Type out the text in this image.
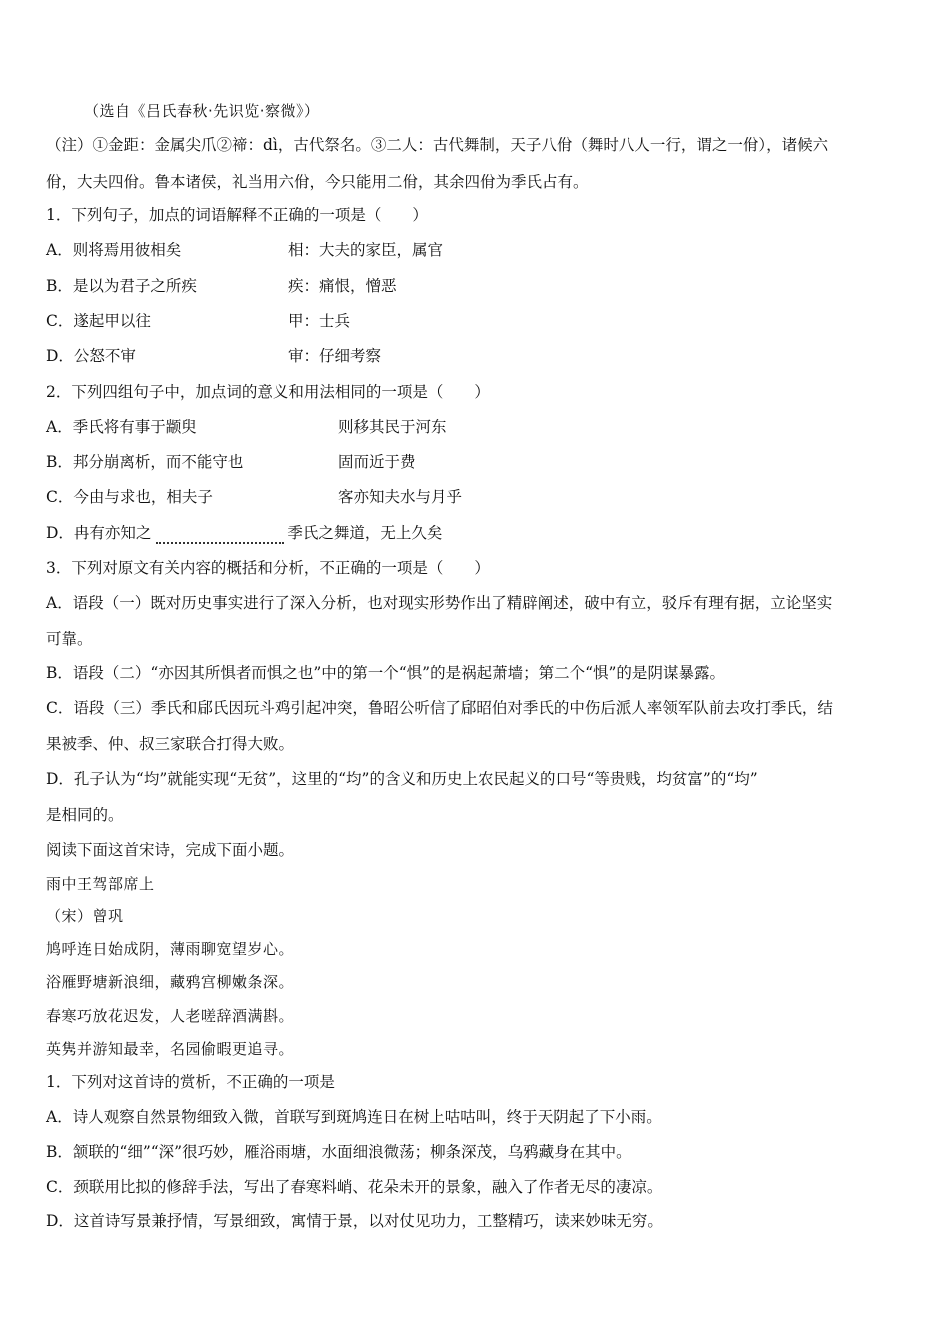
（选自《吕氏春秋·先识览·察微》）
（注）①金距：金属尖爪②禘：dì，古代祭名。③二人：古代舞制，天子八佾（舞时八人一行，谓之一佾），诸候六
佾，大夫四佾。鲁本诸侯，礼当用六佾，今只能用二佾，其余四佾为季氏占有。
1．下列句子，加点的词语解释不正确的一项是（　　）
A．则将焉用彼相矣	相：大夫的家臣，属官
B．是以为君子之所疾	疾：痛恨，憎恶
C．遂起甲以往	甲：士兵
D．公怒不审	审：仔细考察
2．下列四组句子中，加点词的意义和用法相同的一项是（　　）
A．季氏将有事于颛臾	则移其民于河东
B．邦分崩离析，而不能守也	固而近于费
C．今由与求也，相夫子	客亦知夫水与月乎
D．冉有亦知之	季氏之舞道，无上久矣
3．下列对原文有关内容的概括和分析，不正确的一项是（　　）
A．语段（一）既对历史事实进行了深入分析，也对现实形势作出了精辟阐述，破中有立，驳斥有理有据，立论坚实
可靠。
B．语段（二）“亦因其所惧者而惧之也”中的第一个“惧”的是祸起萧墙；第二个“惧”的是阴谋暴露。
C．语段（三）季氏和郈氏因玩斗鸡引起冲突，鲁昭公听信了郈昭伯对季氏的中伤后派人率领军队前去攻打季氏，结
果被季、仲、叔三家联合打得大败。
D．孔子认为“均”就能实现“无贫”，这里的“均”的含义和历史上农民起义的口号“等贵贱，均贫富”的“均”
是相同的。
阅读下面这首宋诗，完成下面小题。
雨中王驾部席上
（宋）曾巩
鸠呼连日始成阴，薄雨聊宽望岁心。
浴雁野塘新浪细，藏鸦宫柳嫩条深。
春寒巧放花迟发，人老嗟辞酒满斟。
英隽并游知最幸，名园偷暇更追寻。
1．下列对这首诗的赏析，不正确的一项是
A．诗人观察自然景物细致入微，首联写到斑鸠连日在树上咕咕叫，终于天阴起了下小雨。
B．颔联的“细”“深”很巧妙，雁浴雨塘，水面细浪微荡；柳条深茂，乌鸦藏身在其中。
C．颈联用比拟的修辞手法，写出了春寒料峭、花朵未开的景象，融入了作者无尽的凄凉。
D．这首诗写景兼抒情，写景细致，寓情于景，以对仗见功力，工整精巧，读来妙味无穷。
